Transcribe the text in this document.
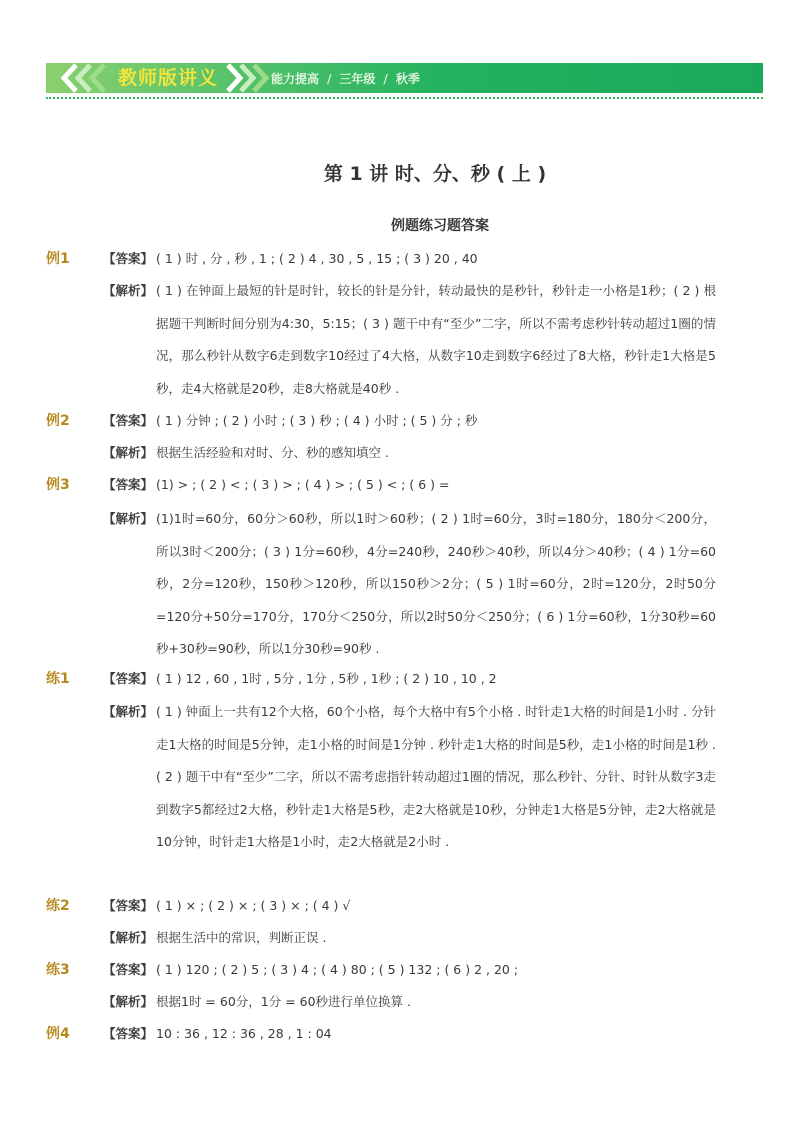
教师版讲义	能力提高 / 三年级 / 秋季
第 1 讲 时、分、秒 ( 上 )
例题练习题答案
例1	【答案】 ( 1 ) 时 , 分 , 秒 , 1 ; ( 2 ) 4 , 30 , 5 , 15 ; ( 3 ) 20 , 40
【解析】 ( 1 ) 在钟面上最短的针是时针，较长的针是分针，转动最快的是秒针，秒针走一小格是1秒；( 2 ) 根据题干判断时间分别为4:30，5:15；( 3 ) 题干中有“至少”二字，所以不需考虑秒针转动超过1圈的情况，那么秒针从数字6走到数字10经过了4大格，从数字10走到数字6经过了8大格，秒针走1大格是5秒，走4大格就是20秒，走8大格就是40秒 .
例2	【答案】 ( 1 ) 分钟 ; ( 2 ) 小时 ; ( 3 ) 秒 ; ( 4 ) 小时 ; ( 5 ) 分 ; 秒
【解析】 根据生活经验和对时、分、秒的感知填空 .
例3	【答案】 (1) > ; ( 2 ) < ; ( 3 ) > ; ( 4 ) > ; ( 5 ) < ; ( 6 ) =
【解析】 (1)1时=60分，60分＞60秒，所以1时＞60秒；( 2 ) 1时=60分，3时=180分，180分＜200分，所以3时＜200分；( 3 ) 1分=60秒，4分=240秒，240秒＞40秒，所以4分＞40秒；( 4 ) 1分=60秒，2分=120秒，150秒＞120秒，所以150秒＞2分；( 5 ) 1时=60分，2时=120分，2时50分=120分+50分=170分，170分＜250分，所以2时50分＜250分；( 6 ) 1分=60秒，1分30秒=60秒+30秒=90秒，所以1分30秒=90秒 .
练1	【答案】 ( 1 ) 12 , 60 , 1时 , 5分 , 1分 , 5秒 , 1秒 ; ( 2 ) 10 , 10 , 2
【解析】 ( 1 ) 钟面上一共有12个大格，60个小格，每个大格中有5个小格 . 时针走1大格的时间是1小时 . 分针走1大格的时间是5分钟，走1小格的时间是1分钟 . 秒针走1大格的时间是5秒，走1小格的时间是1秒 . ( 2 ) 题干中有“至少”二字，所以不需考虑指针转动超过1圈的情况，那么秒针、分针、时针从数字3走到数字5都经过2大格，秒针走1大格是5秒，走2大格就是10秒，分钟走1大格是5分钟，走2大格就是10分钟，时针走1大格是1小时，走2大格就是2小时 .
练2	【答案】 ( 1 ) × ; ( 2 ) × ; ( 3 ) × ; ( 4 ) √
【解析】 根据生活中的常识，判断正误 .
练3	【答案】 ( 1 ) 120 ; ( 2 ) 5 ; ( 3 ) 4 ; ( 4 ) 80 ; ( 5 ) 132 ; ( 6 ) 2 , 20 ;
【解析】 根据1时 = 60分，1分 = 60秒进行单位换算 .
例4	【答案】 10 : 36 , 12 : 36 , 28 , 1 : 04
